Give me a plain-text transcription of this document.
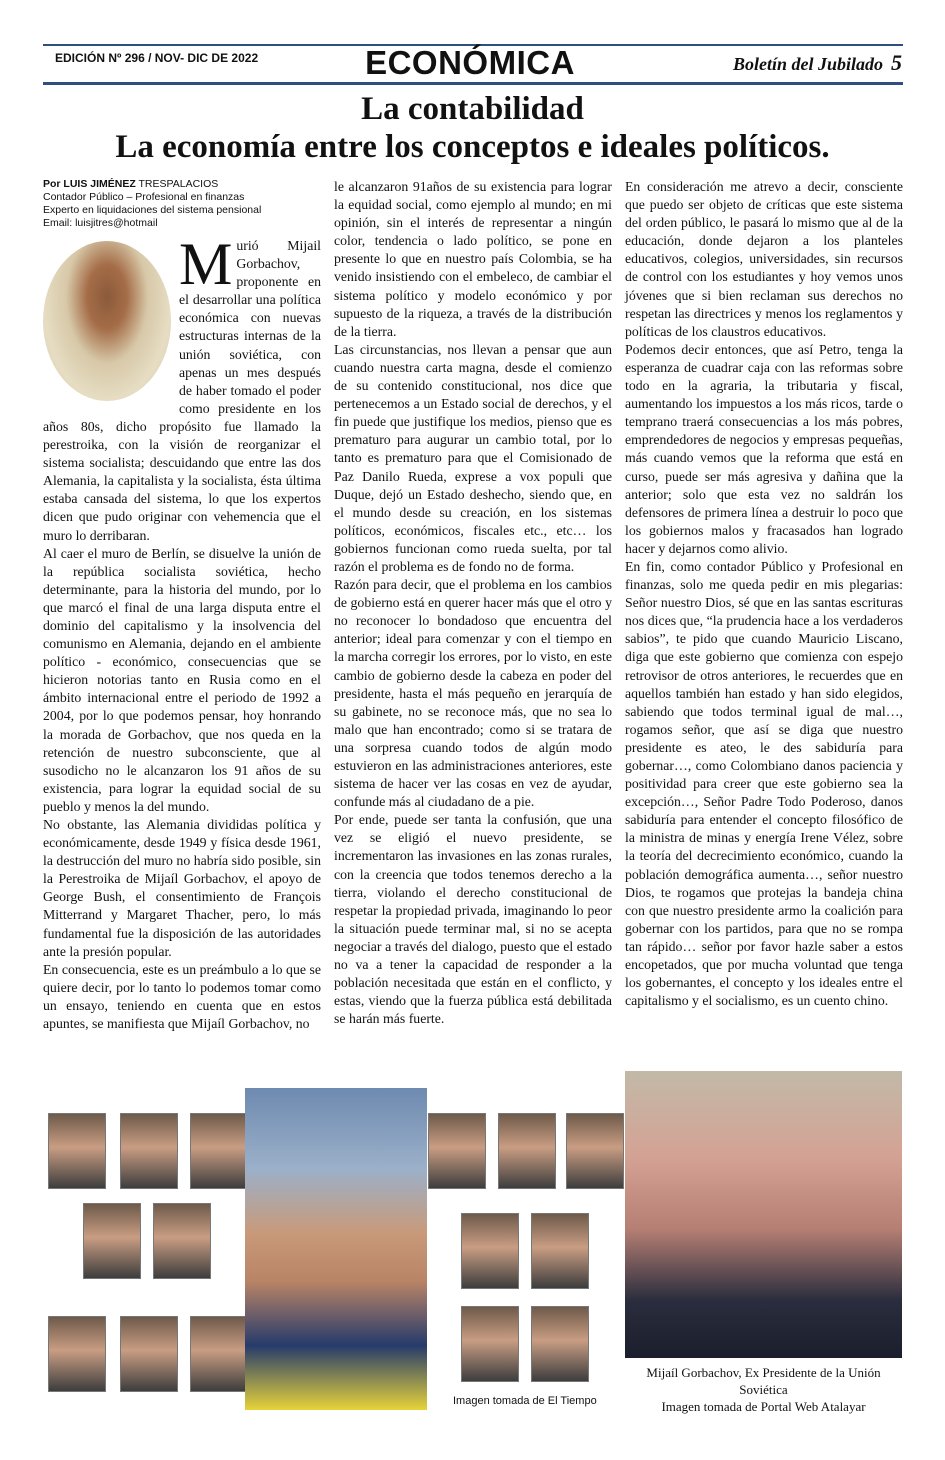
EDICIÓN Nº 296 / NOV- DIC DE 2022	ECONÓMICA	Boletín del Jubilado 5
La contabilidad
La economía entre los conceptos e ideales políticos.
Por LUIS JIMÉNEZ TRESPALACIOS
Contador Público – Profesional en finanzas
Experto en liquidaciones del sistema pensional
Email: luisjitres@hotmail
M urió Mijail Gorbachov, proponente en el desarrollar una política económica con nuevas estructuras internas de la unión soviética, con apenas un mes después de haber tomado el poder como presidente en los años 80s, dicho propósito fue llamado la perestroika, con la visión de reorganizar el sistema socialista; descuidando que entre las dos Alemania, la capitalista y la socialista, ésta última estaba cansada del sistema, lo que los expertos dicen que pudo originar con vehemencia que el muro lo derribaran.

Al caer el muro de Berlín, se disuelve la unión de la república socialista soviética, hecho determinante, para la historia del mundo, por lo que marcó el final de una larga disputa entre el dominio del capitalismo y la insolvencia del comunismo en Alemania, dejando en el ambiente político - económico, consecuencias que se hicieron notorias tanto en Rusia como en el ámbito internacional entre el periodo de 1992 a 2004, por lo que podemos pensar, hoy honrando la morada de Gorbachov, que nos queda en la retención de nuestro subconsciente, que al susodicho no le alcanzaron los 91 años de su existencia, para lograr la equidad social de su pueblo y menos la del mundo.

No obstante, las Alemania divididas política y económicamente, desde 1949 y física desde 1961, la destrucción del muro no habría sido posible, sin la Perestroika de Mijaíl Gorbachov, el apoyo de George Bush, el consentimiento de François Mitterrand y Margaret Thacher, pero, lo más fundamental fue la disposición de las autoridades ante la presión popular.

En consecuencia, este es un preámbulo a lo que se quiere decir, por lo tanto lo podemos tomar como un ensayo, teniendo en cuenta que en estos apuntes, se manifiesta que Mijaíl Gorbachov, no

le alcanzaron 91años de su existencia para lograr la equidad social, como ejemplo al mundo; en mi opinión, sin el interés de representar a ningún color, tendencia o lado político, se pone en presente lo que en nuestro país Colombia, se ha venido insistiendo con el embeleco, de cambiar el sistema político y modelo económico y por supuesto de la riqueza, a través de la distribución de la tierra.

Las circunstancias, nos llevan a pensar que aun cuando nuestra carta magna, desde el comienzo de su contenido constitucional, nos dice que pertenecemos a un Estado social de derechos, y el fin puede que justifique los medios, pienso que es prematuro para augurar un cambio total, por lo tanto es prematuro para que el Comisionado de Paz Danilo Rueda, exprese a vox populi que Duque, dejó un Estado deshecho, siendo que, en el mundo desde su creación, en los sistemas políticos, económicos, fiscales etc., etc… los gobiernos funcionan como rueda suelta, por tal razón el problema es de fondo no de forma.

Razón para decir, que el problema en los cambios de gobierno está en querer hacer más que el otro y no reconocer lo bondadoso que encuentra del anterior; ideal para comenzar y con el tiempo en la marcha corregir los errores, por lo visto, en este cambio de gobierno desde la cabeza en poder del presidente, hasta el más pequeño en jerarquía de su gabinete, no se reconoce más, que no sea lo malo que han encontrado; como si se tratara de una sorpresa cuando todos de algún modo estuvieron en las administraciones anteriores, este sistema de hacer ver las cosas en vez de ayudar, confunde más al ciudadano de a pie.

Por ende, puede ser tanta la confusión, que una vez se eligió el nuevo presidente, se incrementaron las invasiones en las zonas rurales, con la creencia que todos tenemos derecho a la tierra, violando el derecho constitucional de respetar la propiedad privada, imaginando lo peor la situación puede terminar mal, si no se acepta negociar a través del dialogo, puesto que el estado no va a tener la capacidad de responder a la población necesitada que están en el conflicto, y estas, viendo que la fuerza pública está debilitada se harán más fuerte.

En consideración me atrevo a decir, consciente que puedo ser objeto de críticas que este sistema del orden público, le pasará lo mismo que al de la educación, donde dejaron a los planteles educativos, colegios, universidades, sin recursos de control con los estudiantes y hoy vemos unos jóvenes que si bien reclaman sus derechos no respetan las directrices y menos los reglamentos y políticas de los claustros educativos.

Podemos decir entonces, que así Petro, tenga la esperanza de cuadrar caja con las reformas sobre todo en la agraria, la tributaria y fiscal, aumentando los impuestos a los más ricos, tarde o temprano traerá consecuencias a los más pobres, emprendedores de negocios y empresas pequeñas, más cuando vemos que la reforma que está en curso, puede ser más agresiva y dañina que la anterior; solo que esta vez no saldrán los defensores de primera línea a destruir lo poco que los gobiernos malos y fracasados han logrado hacer y dejarnos como alivio.

En fin, como contador Público y Profesional en finanzas, solo me queda pedir en mis plegarias: Señor nuestro Dios, sé que en las santas escrituras nos dices que, “la prudencia hace a los verdaderos sabios”, te pido que cuando Mauricio Liscano, diga que este gobierno que comienza con espejo retrovisor de otros anteriores, le recuerdes que en aquellos también han estado y han sido elegidos, sabiendo que todos terminal igual de mal…, rogamos señor, que así se diga que nuestro presidente es ateo, le des sabiduría para gobernar…, como Colombiano danos paciencia y positividad para creer que este gobierno sea la excepción…, Señor Padre Todo Poderoso, danos sabiduría para entender el concepto filosófico de la ministra de minas y energía Irene Vélez, sobre la teoría del decrecimiento económico, cuando la población demográfica aumenta…, señor nuestro Dios, te rogamos que protejas la bandeja china con que nuestro presidente armo la coalición para gobernar con los partidos, para que no se rompa tan rápido… señor por favor hazle saber a estos encopetados, que por mucha voluntad que tenga los gobernantes, el concepto y los ideales entre el capitalismo y el socialismo, es un cuento chino.

Imagen tomada de El Tiempo
Mijaíl Gorbachov, Ex Presidente de la Unión Soviética
Imagen tomada de Portal Web Atalayar
